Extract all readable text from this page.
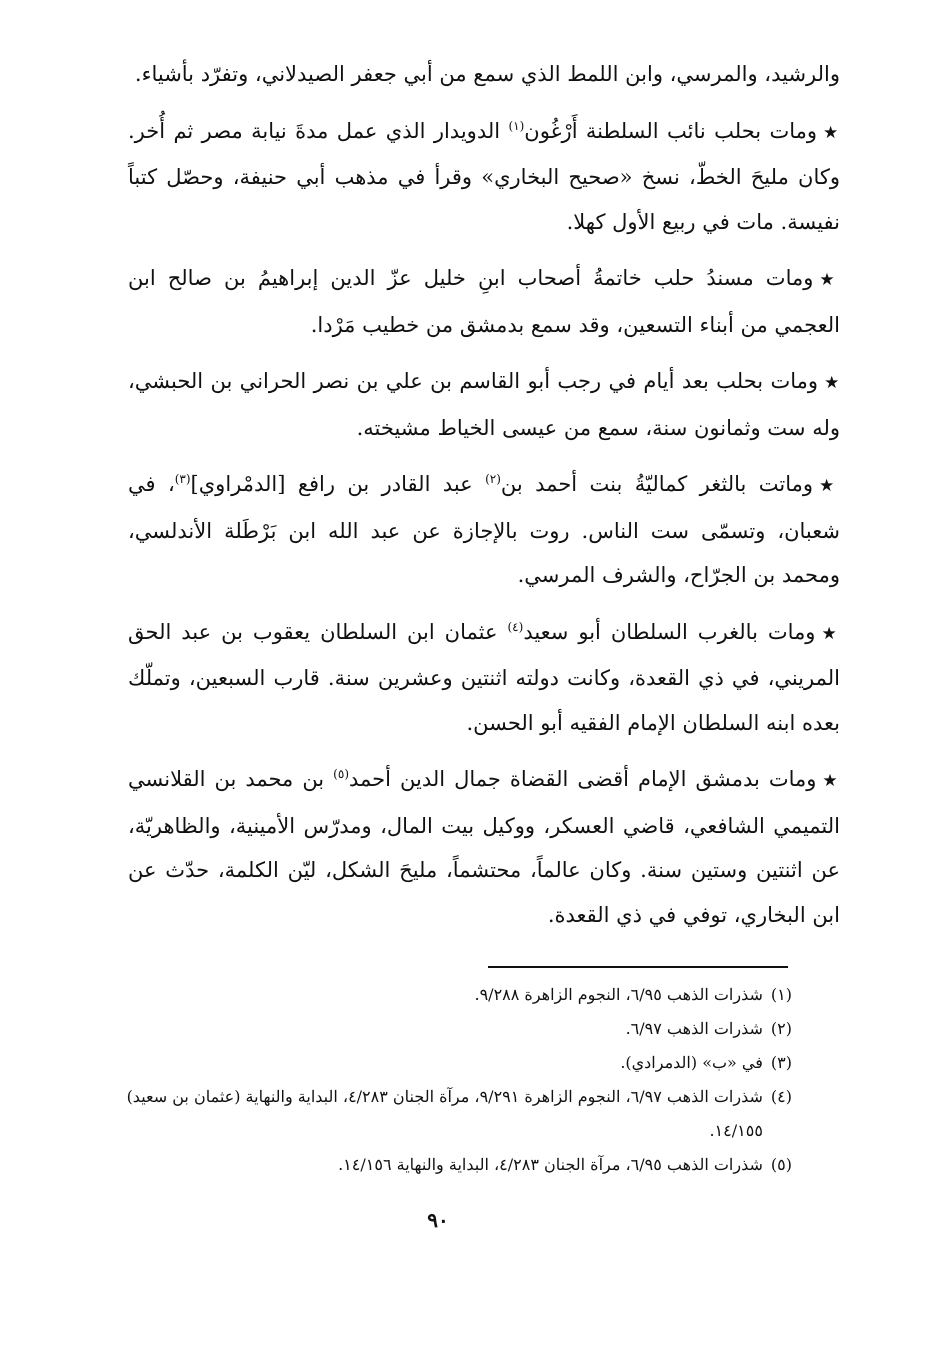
والرشيد، والمرسي، وابن اللمط الذي سمع من أبي جعفر الصيدلاني، وتفرّد بأشياء.

★ومات بحلب نائب السلطنة أَرْغُون$^{(١)}$ الدويدار الذي عمل مدةَ نيابة مصر ثم أُخر. وكان مليحَ الخطّ، نسخ «صحيح البخاري» وقرأ في مذهب أبي حنيفة، وحصّل كتباً نفيسة. مات في ربيع الأول كهلا.

★ومات مسندُ حلب خاتمةُ أصحاب ابنِ خليل عزّ الدين إبراهيمُ بن صالح ابن العجمي من أبناء التسعين، وقد سمع بدمشق من خطيب مَرْدا.

★ومات بحلب بعد أيام في رجب أبو القاسم بن علي بن نصر الحراني بن الحبشي، وله ست وثمانون سنة، سمع من عيسى الخياط مشيخته.

★وماتت بالثغر كماليّةُ بنت أحمد بن$^{(٢)}$ عبد القادر بن رافع [الدمْراوي]$^{(٣)}$، في شعبان، وتسمّى ست الناس. روت بالإجازة عن عبد الله ابن بَرْطَلة الأندلسي، ومحمد بن الجرّاح، والشرف المرسي.

★ومات بالغرب السلطان أبو سعيد$^{(٤)}$ عثمان ابن السلطان يعقوب بن عبد الحق المريني، في ذي القعدة، وكانت دولته اثنتين وعشرين سنة. قارب السبعين، وتملّك بعده ابنه السلطان الإمام الفقيه أبو الحسن.

★ومات بدمشق الإمام أقضى القضاة جمال الدين أحمد$^{(٥)}$ بن محمد بن القلانسي التميمي الشافعي، قاضي العسكر، ووكيل بيت المال، ومدرّس الأمينية، والظاهريّة، عن اثنتين وستين سنة. وكان عالماً، محتشماً، مليحَ الشكل، ليّن الكلمة، حدّث عن ابن البخاري، توفي في ذي القعدة.

(١)
شذرات الذهب ٦/٩٥، النجوم الزاهرة ٩/٢٨٨.
(٢)
شذرات الذهب ٦/٩٧.
(٣)
في «ب» (الدمرادي).
(٤)
شذرات الذهب ٦/٩٧، النجوم الزاهرة ٩/٢٩١، مرآة الجنان ٤/٢٨٣، البداية والنهاية (عثمان بن سعيد) ١٤/١٥٥.
(٥)
شذرات الذهب ٦/٩٥، مرآة الجنان ٤/٢٨٣، البداية والنهاية ١٤/١٥٦.
٩٠
